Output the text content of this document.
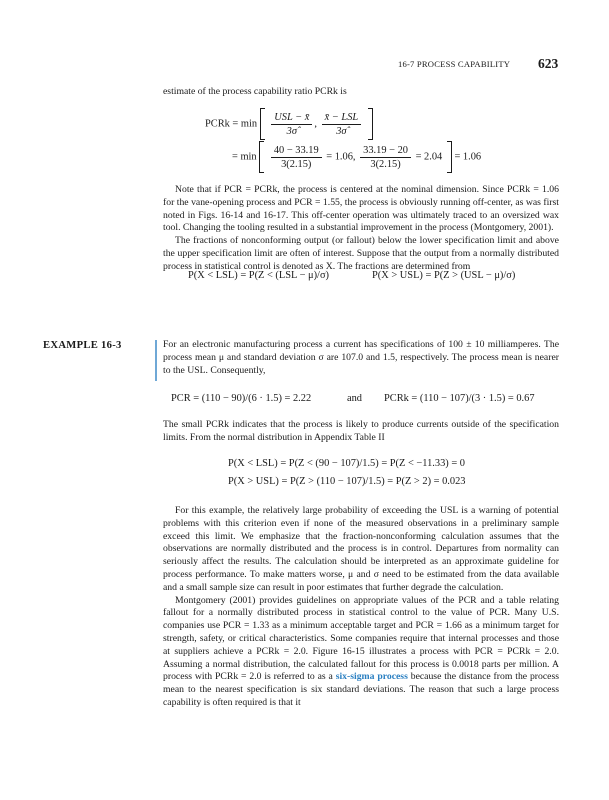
16-7 PROCESS CAPABILITY 623

estimate of the process capability ratio PCRk is

PCRk = $\min \frac{\text{USL − x̄}}{3\sigmâ}$ , $\frac{\text{x̄ − LSL}}{3\sigmâ}$

= $\min \frac{40 - 33.19}{3(2.15)} = 1.06$, $\frac{33.19 - 20}{3(2.15)} = 2.04 = 1.06$

Note that if PCR = PCRk, the process is centered at the nominal dimension. Since PCRk = 1.06 for the vane-opening process and PCR = 1.55, the process is obviously running off-center, as was first noted in Figs. 16-14 and 16-17. This off-center operation was ultimately traced to an oversized wax tool. Changing the tooling resulted in a substantial improvement in the process (Montgomery, 2001).

The fractions of nonconforming output (or fallout) below the lower specification limit and above the upper specification limit are often of interest. Suppose that the output from a normally distributed process in statistical control is denoted as X. The fractions are determined from

P(X < LSL) = P(Z < (LSL − μ)/σ)	P(X > USL) = P(Z > (USL − μ)/σ)
EXAMPLE 16-3	For an electronic manufacturing process a current has specifications of 100 ± 10 milliamperes. The process mean μ and standard deviation σ are 107.0 and 1.5, respectively. The process mean is nearer to the USL. Consequently,

PCR = (110 − 90)/(6 · 1.5) = 2.22	and PCRk = (110 − 107)/(3 · 1.5) = 0.67

The small PCRk indicates that the process is likely to produce currents outside of the specification limits. From the normal distribution in Appendix Table II

P(X < LSL) = P(Z < (90 − 107)/1.5) = P(Z < −11.33) = 0
P(X > USL) = P(Z > (110 − 107)/1.5) = P(Z > 2) = 0.023

For this example, the relatively large probability of exceeding the USL is a warning of potential problems with this criterion even if none of the measured observations in a preliminary sample exceed this limit. We emphasize that the fraction-nonconforming calculation assumes that the observations are normally distributed and the process is in control. Departures from normality can seriously affect the results. The calculation should be interpreted as an approximate guideline for process performance. To make matters worse, μ and σ need to be estimated from the data available and a small sample size can result in poor estimates that further degrade the calculation.

Montgomery (2001) provides guidelines on appropriate values of the PCR and a table relating fallout for a normally distributed process in statistical control to the value of PCR. Many U.S. companies use PCR = 1.33 as a minimum acceptable target and PCR = 1.66 as a minimum target for strength, safety, or critical characteristics. Some companies require that internal processes and those at suppliers achieve a PCRk = 2.0. Figure 16-15 illustrates a process with PCR = PCRk = 2.0. Assuming a normal distribution, the calculated fallout for this process is 0.0018 parts per million. A process with PCRk = 2.0 is referred to as a six-sigma process because the distance from the process mean to the nearest specification is six standard deviations. The reason that such a large process capability is often required is that it
